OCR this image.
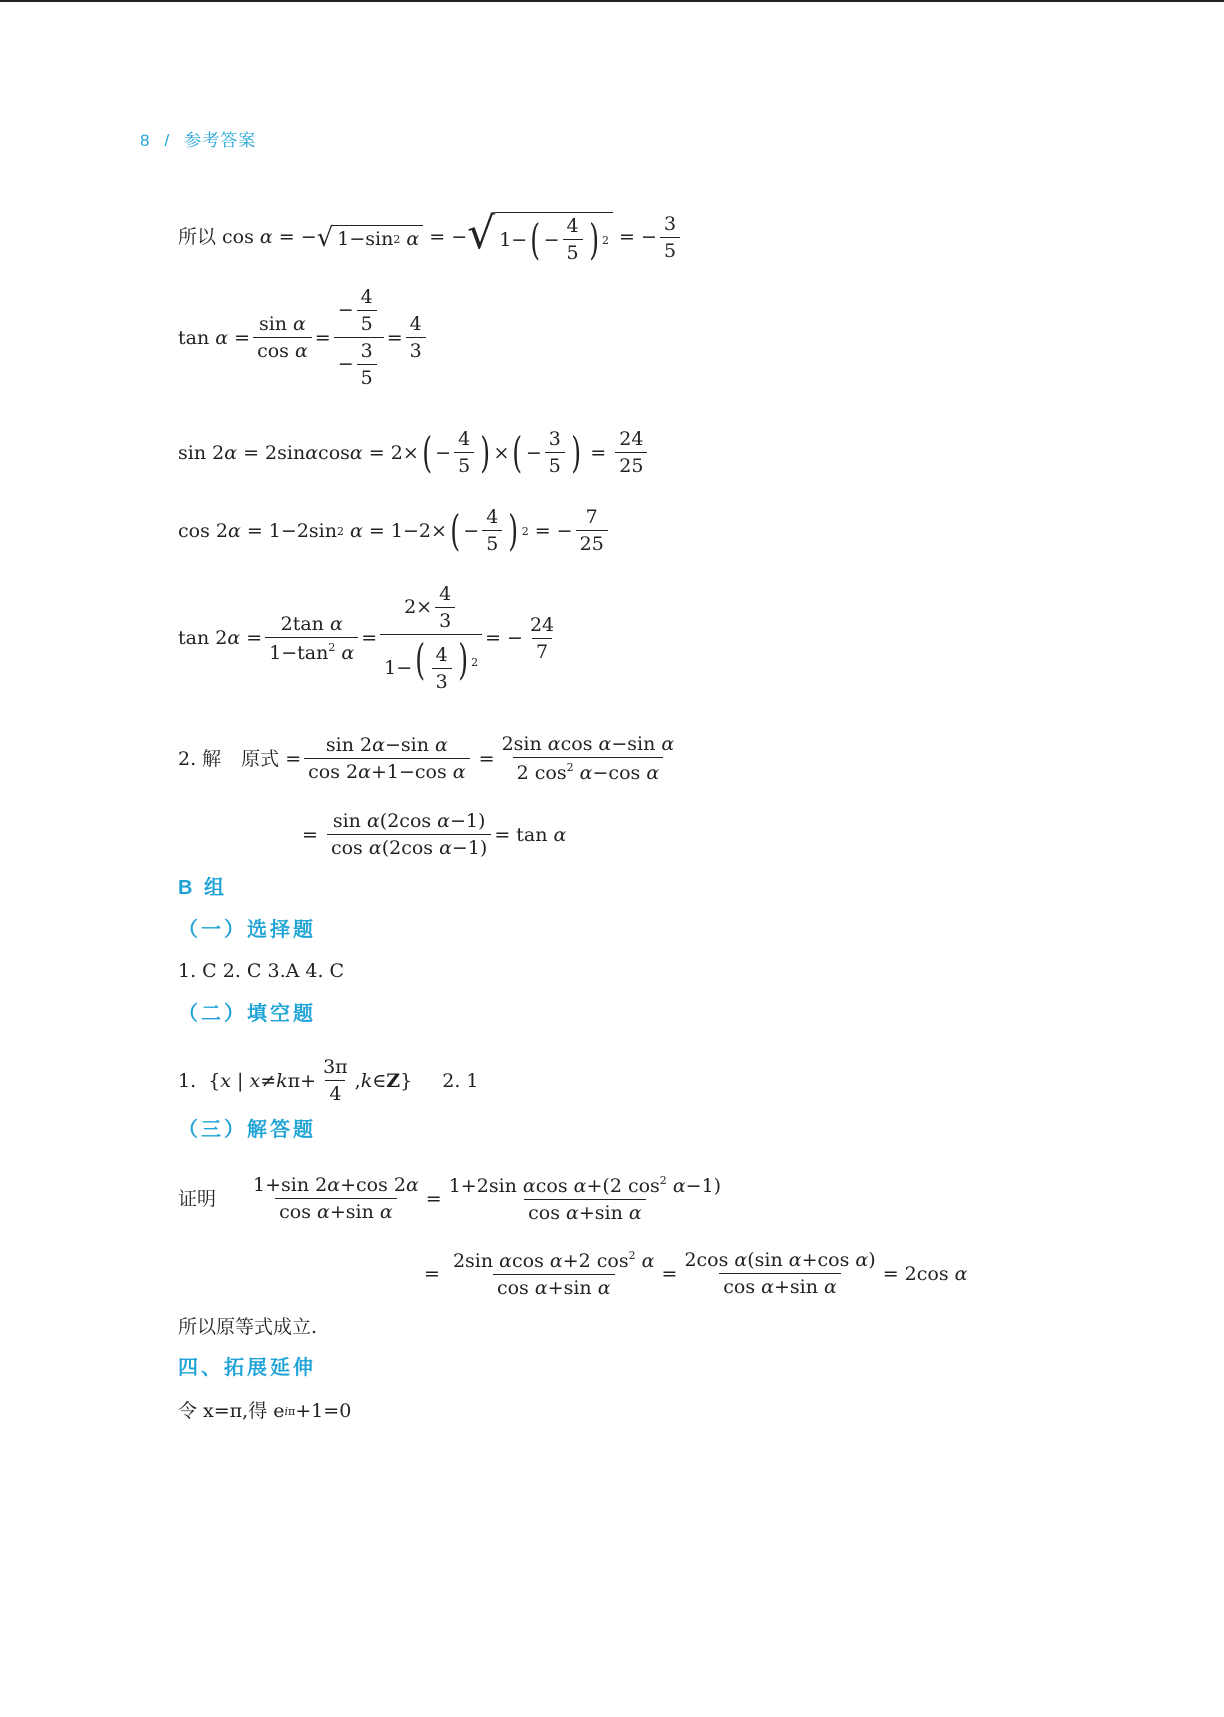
8 / 参考答案
所以 cos
α = − √ 1−sin 2
α = − √ 1− ( − $\frac{4}{5}$ ) 2 = − $\frac{3}{5}$
tan
$\alpha = \frac{\text{sin α}}{\text{cos α}} = \frac{- \frac{4}{5}}{- \frac{3}{5}} = \frac{4}{3}$
sin 2 α = 2sin α cos α = 2× ( − $\frac{4}{5}$ ) × ( − $\frac{3}{5}$ ) = $\frac{24}{25}$
cos 2 α = 1−2sin 2
α = 1−2× ( − $\frac{4}{5}$ ) 2 = − $\frac{7}{25}$
tan 2 $\alpha = \frac{\text{2tan α}}{1-\tan^2 \alpha} = \frac{2\times \frac{4}{3}}{1-( \frac{4}{3} ) ^2}$ = − $\frac{24}{7}$
2. 解 原式 = $\frac{\text{sin 2α−sin α}}{\text{cos 2α+1−cos α}} = \frac{\text{2sin αcos α−sin α}}{2 \cos^2 \alpha-\cos \alpha}$
= $\frac{\text{sin α(2cos α−1)}}{\text{cos α(2cos α−1)}} = \tan$
α
B 组
（一）选择题
1. C 2. C 3.A 4. C
（二）填空题
1.  { x | x ≠ k $\pi+ \frac{3\pi}{4}$ , k ∈ Z } 2. 1
（三）解答题
证明 $\frac{1+\sin 2\alpha+\cos 2\alpha}{\text{cos α+sin α}} = \frac{1+2\sin \alpha\cos \alpha+(2 \cos^2 \alpha-1)}{\text{cos α+sin α}}$
= $\frac{2\sin \alpha\cos \alpha+2 \cos^2 \alpha}{\text{cos α+sin α}} = \frac{\text{2cos α(sin α+cos α)}}{\text{cos α+sin α}} = 2\cos$ α
所以原等式成立.
四、拓展延伸
令 x=π,得 e i π +1=0
